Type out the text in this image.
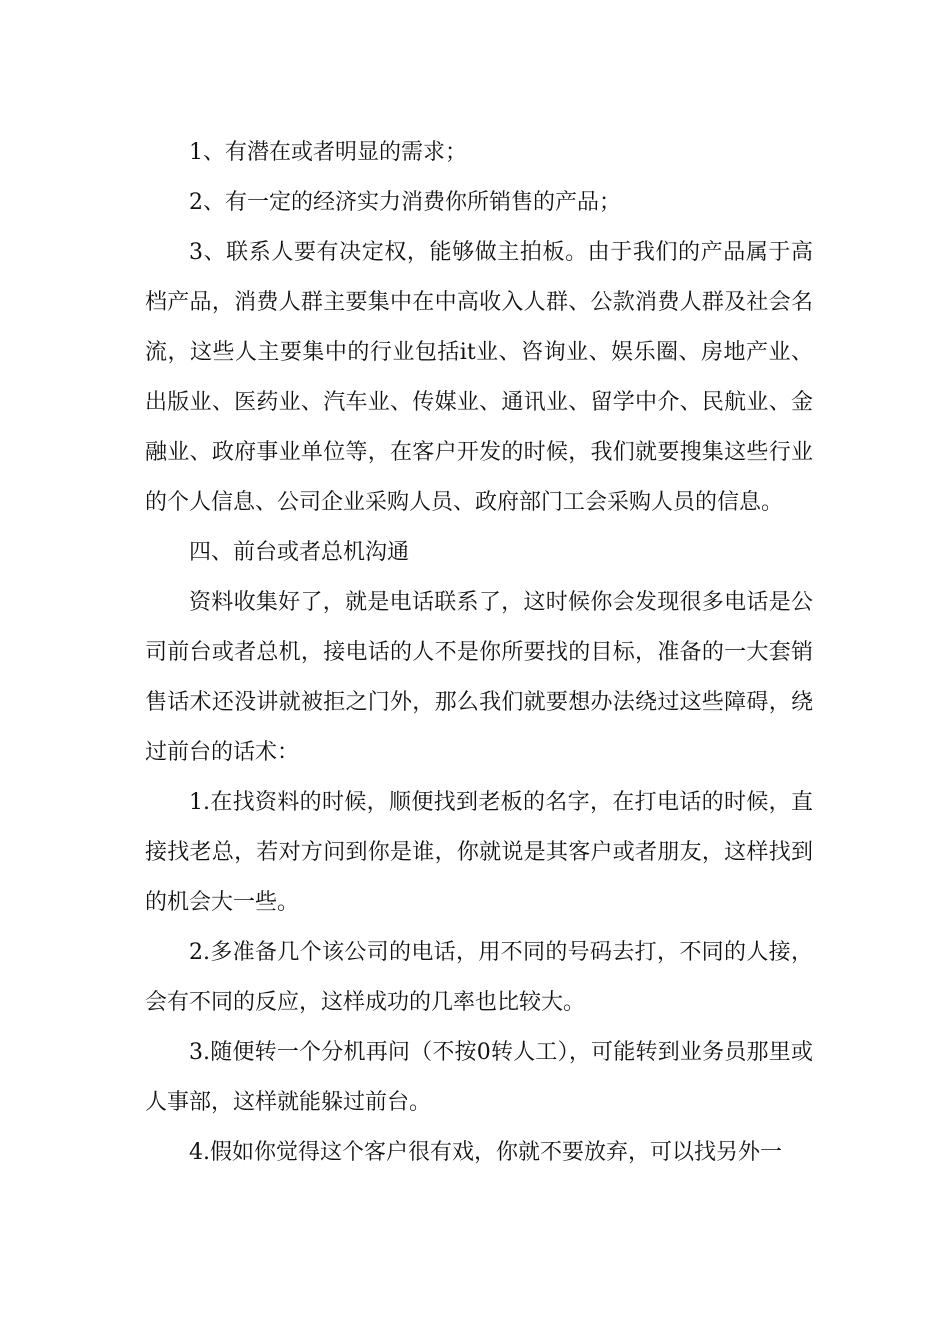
1、有潜在或者明显的需求；

2、有一定的经济实力消费你所销售的产品；

3、联系人要有决定权，能够做主拍板。由于我们的产品属于高档产品，消费人群主要集中在中高收入人群、公款消费人群及社会名流，这些人主要集中的行业包括it业、咨询业、娱乐圈、房地产业、出版业、医药业、汽车业、传媒业、通讯业、留学中介、民航业、金融业、政府事业单位等，在客户开发的时候，我们就要搜集这些行业的个人信息、公司企业采购人员、政府部门工会采购人员的信息。

四、前台或者总机沟通

资料收集好了，就是电话联系了，这时候你会发现很多电话是公司前台或者总机，接电话的人不是你所要找的目标，准备的一大套销售话术还没讲就被拒之门外，那么我们就要想办法绕过这些障碍，绕过前台的话术：

1.在找资料的时候，顺便找到老板的名字，在打电话的时候，直接找老总，若对方问到你是谁，你就说是其客户或者朋友，这样找到的机会大一些。

2.多准备几个该公司的电话，用不同的号码去打，不同的人接，会有不同的反应，这样成功的几率也比较大。

3.随便转一个分机再问（不按0转人工），可能转到业务员那里或人事部，这样就能躲过前台。

4.假如你觉得这个客户很有戏，你就不要放弃，可以找另外一
